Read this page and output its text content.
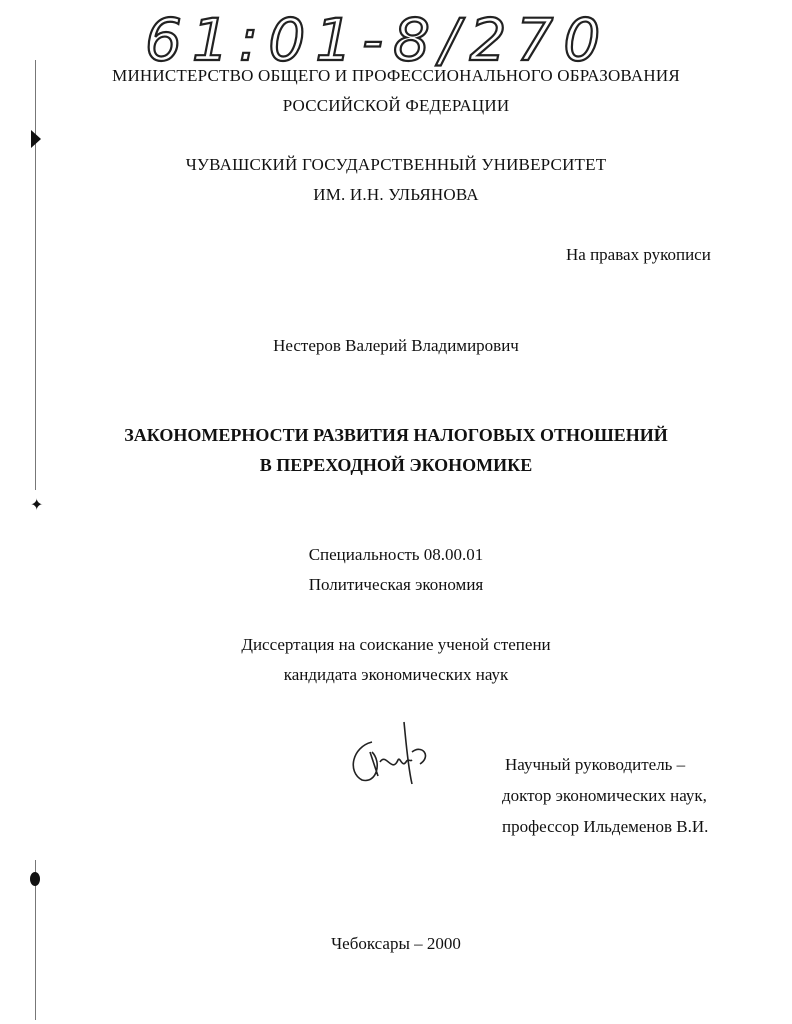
61:01-8/270
✦
МИНИСТЕРСТВО ОБЩЕГО И ПРОФЕССИОНАЛЬНОГО ОБРАЗОВАНИЯ
РОССИЙСКОЙ ФЕДЕРАЦИИ
ЧУВАШСКИЙ ГОСУДАРСТВЕННЫЙ УНИВЕРСИТЕТ
ИМ. И.Н. УЛЬЯНОВА
На правах рукописи
Нестеров Валерий Владимирович
ЗАКОНОМЕРНОСТИ РАЗВИТИЯ НАЛОГОВЫХ ОТНОШЕНИЙ
В ПЕРЕХОДНОЙ ЭКОНОМИКЕ
Специальность 08.00.01
Политическая экономия
Диссертация на соискание ученой степени
кандидата экономических наук
Научный руководитель –
доктор экономических наук,
профессор Ильдеменов В.И.
Чебоксары – 2000
